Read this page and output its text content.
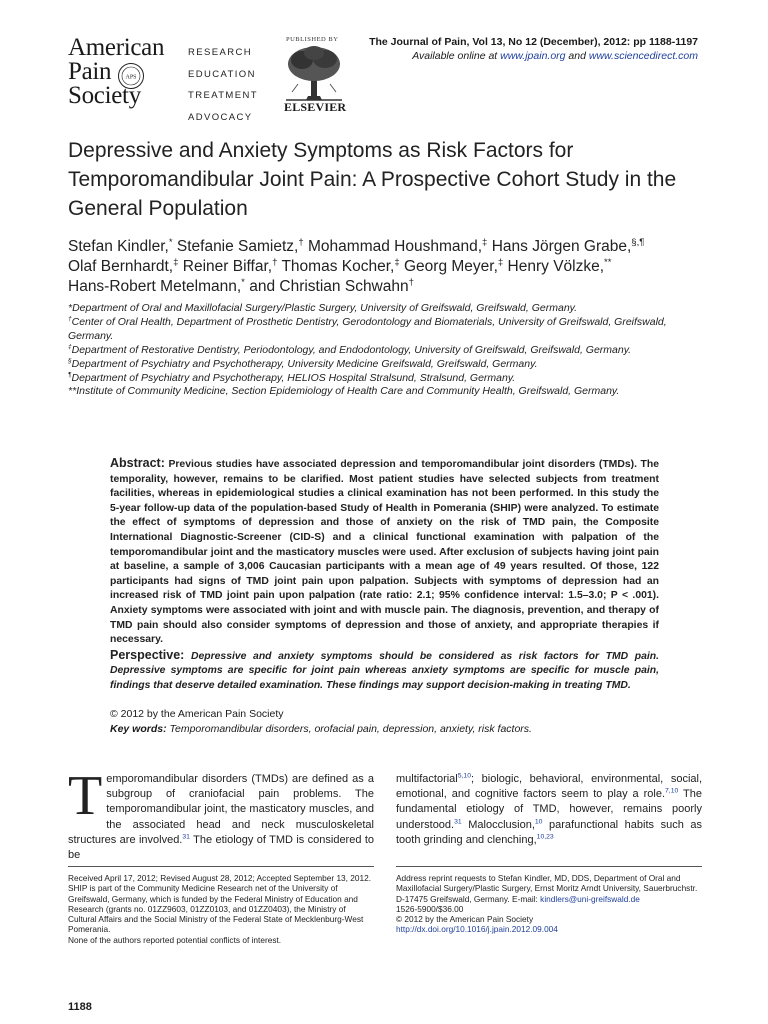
American
Pain
Society
APS
RESEARCH
EDUCATION
TREATMENT
ADVOCACY
PUBLISHED BY
ELSEVIER
The Journal of Pain, Vol 13, No 12 (December), 2012: pp 1188-1197
Available online at www.jpain.org and www.sciencedirect.com
Depressive and Anxiety Symptoms as Risk Factors for Temporomandibular Joint Pain: A Prospective Cohort Study in the General Population
Stefan Kindler,* Stefanie Samietz,† Mohammad Houshmand,‡ Hans Jörgen Grabe,§,¶
Olaf Bernhardt,‡ Reiner Biffar,† Thomas Kocher,‡ Georg Meyer,‡ Henry Völzke,**
Hans-Robert Metelmann,* and Christian Schwahn†

*Department of Oral and Maxillofacial Surgery/Plastic Surgery, University of Greifswald, Greifswald, Germany.

†Center of Oral Health, Department of Prosthetic Dentistry, Gerodontology and Biomaterials, University of Greifswald, Greifswald, Germany.

‡Department of Restorative Dentistry, Periodontology, and Endodontology, University of Greifswald, Greifswald, Germany.

§Department of Psychiatry and Psychotherapy, University Medicine Greifswald, Greifswald, Germany.

¶Department of Psychiatry and Psychotherapy, HELIOS Hospital Stralsund, Stralsund, Germany.

**Institute of Community Medicine, Section Epidemiology of Health Care and Community Health, Greifswald, Germany.

Abstract: Previous studies have associated depression and temporomandibular joint disorders (TMDs). The temporality, however, remains to be clarified. Most patient studies have selected subjects from treatment facilities, whereas in epidemiological studies a clinical examination has not been performed. In this study the 5-year follow-up data of the population-based Study of Health in Pomerania (SHIP) were analyzed. To estimate the effect of symptoms of depression and those of anxiety on the risk of TMD pain, the Composite International Diagnostic-Screener (CID-S) and a clinical functional examination with palpation of the temporomandibular joint and the masticatory muscles were used. After exclusion of subjects having joint pain at baseline, a sample of 3,006 Caucasian participants with a mean age of 49 years resulted. Of those, 122 participants had signs of TMD joint pain upon palpation. Subjects with symptoms of depression had an increased risk of TMD joint pain upon palpation (rate ratio: 2.1; 95% confidence interval: 1.5–3.0; P < .001). Anxiety symptoms were associated with joint and with muscle pain. The diagnosis, prevention, and therapy of TMD pain should also consider symptoms of depression and those of anxiety, and appropriate therapies if necessary.

Perspective: Depressive and anxiety symptoms should be considered as risk factors for TMD pain. Depressive symptoms are specific for joint pain whereas anxiety symptoms are specific for muscle pain, findings that deserve detailed examination. These findings may support decision-making in treating TMD.

© 2012 by the American Pain Society
Key words: Temporomandibular disorders, orofacial pain, depression, anxiety, risk factors.
Temporomandibular disorders (TMDs) are defined as a subgroup of craniofacial pain problems. The temporomandibular joint, the masticatory muscles, and the associated head and neck musculoskeletal structures are involved.$^{31}$ The etiology of TMD is considered to be
multifactorial$^{5,10}$; biologic, behavioral, environmental, social, emotional, and cognitive factors seem to play a role.$^{7,10}$ The fundamental etiology of TMD, however, remains poorly understood.$^{31}$ Malocclusion,$^{10}$ parafunctional habits such as tooth grinding and clenching,$^{10,23}$

Received April 17, 2012; Revised August 28, 2012; Accepted September 13, 2012.

SHIP is part of the Community Medicine Research net of the University of Greifswald, Germany, which is funded by the Federal Ministry of Education and Research (grants no. 01ZZ9603, 01ZZ0103, and 01ZZ0403), the Ministry of Cultural Affairs and the Social Ministry of the Federal State of Mecklenburg-West Pomerania.

None of the authors reported potential conflicts of interest.

Address reprint requests to Stefan Kindler, MD, DDS, Department of Oral and Maxillofacial Surgery/Plastic Surgery, Ernst Moritz Arndt University, Sauerbruchstr. D-17475 Greifswald, Germany. E-mail: kindlers@uni-greifswald.de

1526-5900/$36.00

© 2012 by the American Pain Society

http://dx.doi.org/10.1016/j.jpain.2012.09.004

1188
